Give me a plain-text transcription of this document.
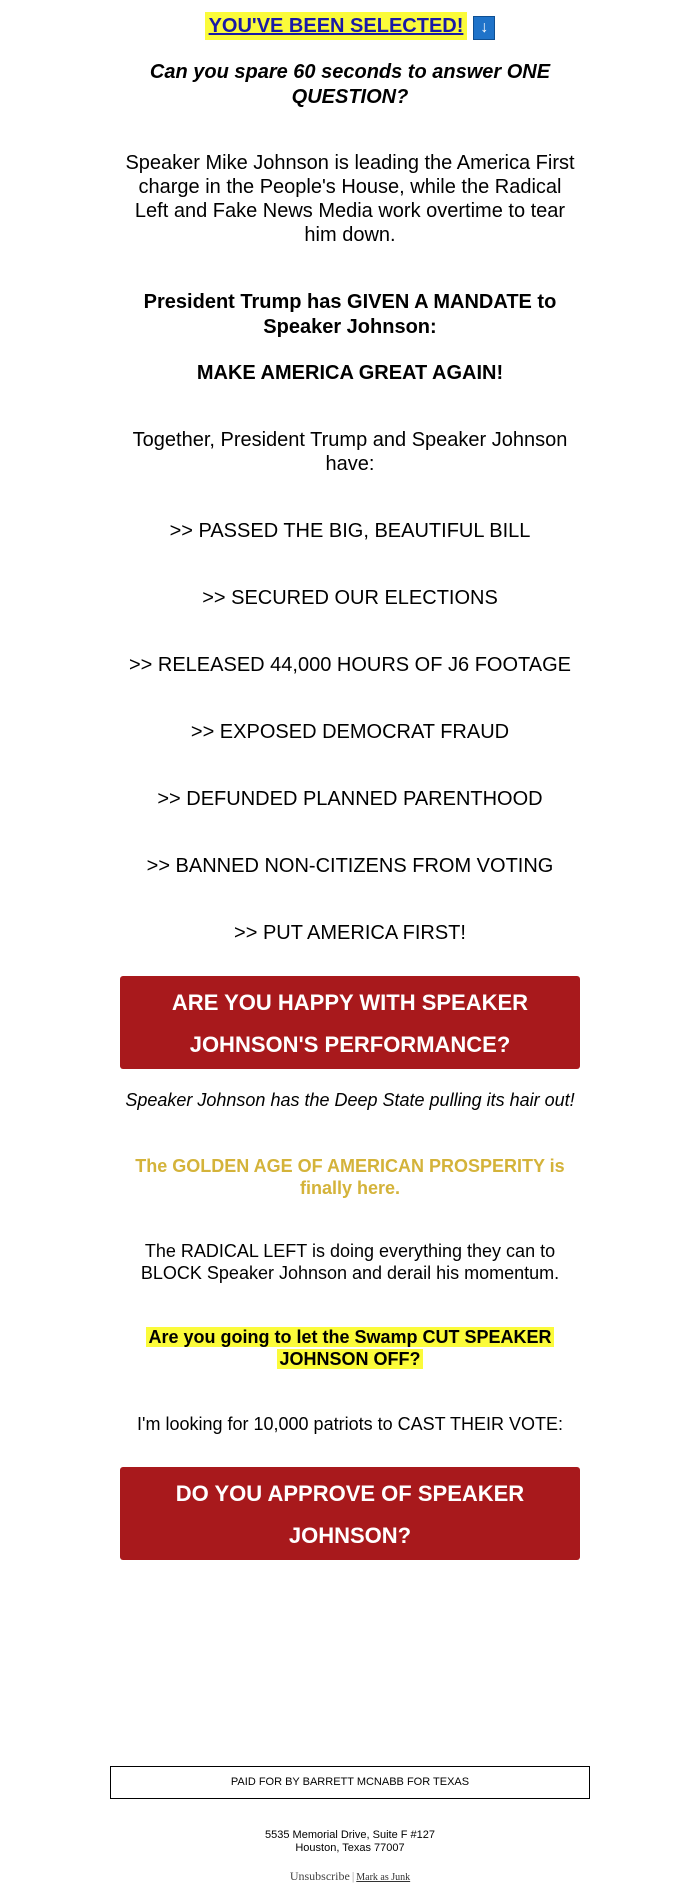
YOU'VE BEEN SELECTED! ↓
Can you spare 60 seconds to answer ONE
QUESTION?
Speaker Mike Johnson is leading the America First
charge in the People's House, while the Radical
Left and Fake News Media work overtime to tear
him down.
President Trump has GIVEN A MANDATE to
Speaker Johnson:
MAKE AMERICA GREAT AGAIN!
Together, President Trump and Speaker Johnson
have:
>> PASSED THE BIG, BEAUTIFUL BILL
>> SECURED OUR ELECTIONS
>> RELEASED 44,000 HOURS OF J6 FOOTAGE
>> EXPOSED DEMOCRAT FRAUD
>> DEFUNDED PLANNED PARENTHOOD
>> BANNED NON-CITIZENS FROM VOTING
>> PUT AMERICA FIRST!
ARE YOU HAPPY WITH SPEAKER
JOHNSON'S PERFORMANCE?
Speaker Johnson has the Deep State pulling its hair out!
The GOLDEN AGE OF AMERICAN PROSPERITY is
finally here.
The RADICAL LEFT is doing everything they can to
BLOCK Speaker Johnson and derail his momentum.
Are you going to let the Swamp CUT SPEAKER
JOHNSON OFF?
I'm looking for 10,000 patriots to CAST THEIR VOTE:
DO YOU APPROVE OF SPEAKER
JOHNSON?
PAID FOR BY BARRETT MCNABB FOR TEXAS
5535 Memorial Drive, Suite F #127
Houston, Texas 77007
Unsubscribe | Mark as Junk
